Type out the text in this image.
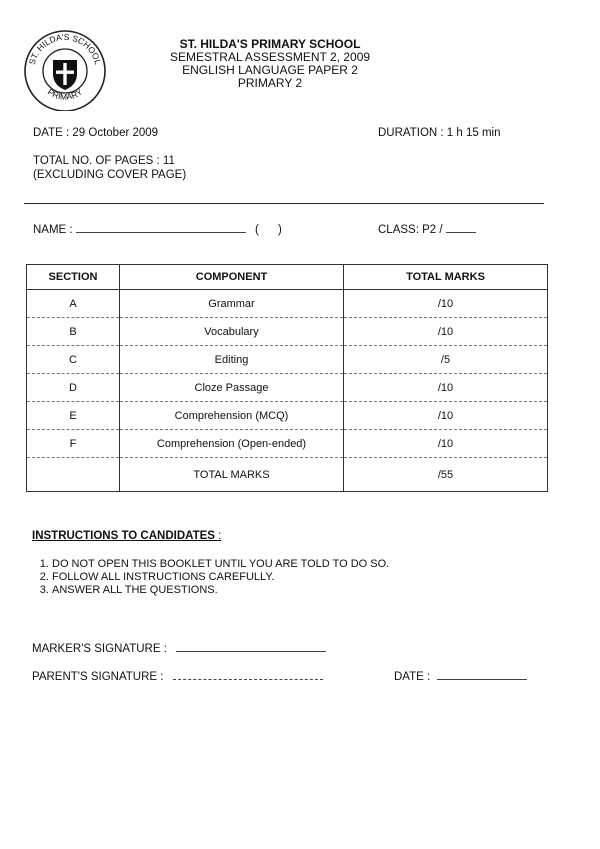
ST. HILDA'S SCHOOL
PRIMARY
ST. HILDA'S PRIMARY SCHOOL
SEMESTRAL ASSESSMENT 2, 2009
ENGLISH LANGUAGE PAPER 2
PRIMARY 2
DATE : 29 October 2009	DURATION : 1 h 15 min
TOTAL NO. OF PAGES : 11
(EXCLUDING COVER PAGE)
NAME :	(      )	CLASS: P2 /
SECTION	COMPONENT	TOTAL MARKS
A	Grammar	/10
B	Vocabulary	/10
C	Editing	/5
D	Cloze Passage	/10
E	Comprehension (MCQ)	/10
F	Comprehension (Open-ended)	/10
	TOTAL MARKS	/55
INSTRUCTIONS TO CANDIDATES :
1. DO NOT OPEN THIS BOOKLET UNTIL YOU ARE TOLD TO DO SO.
2. FOLLOW ALL INSTRUCTIONS CAREFULLY.
3. ANSWER ALL THE QUESTIONS.
MARKER'S SIGNATURE :
PARENT'S SIGNATURE :	DATE :
